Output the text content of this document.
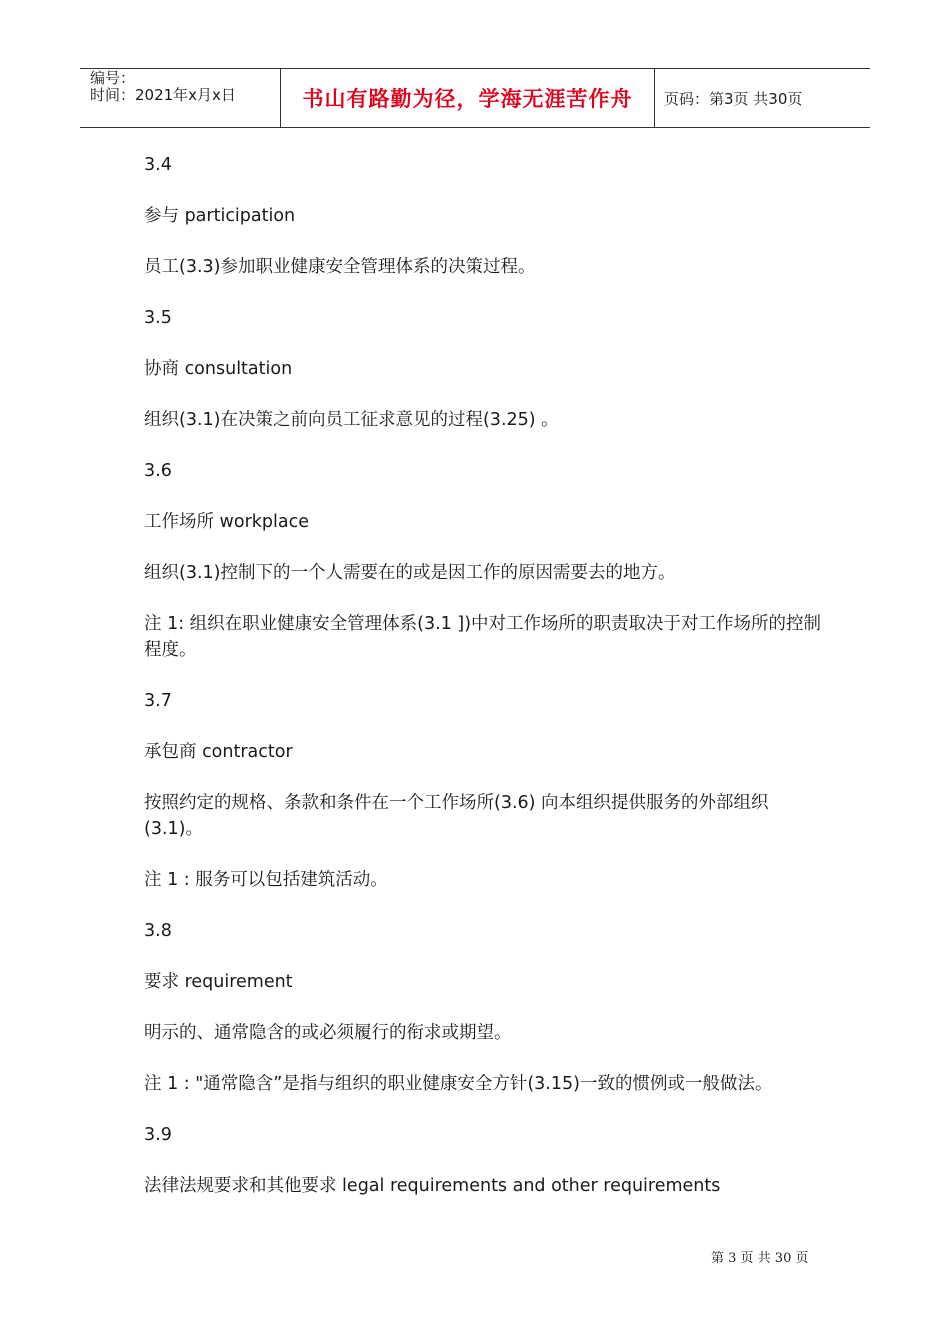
编号：
时间：2021年x月x日	书山有路勤为径，学海无涯苦作舟	页码：第3页 共30页

3.4

参与 participation

员工(3.3)参加职业健康安全管理体系的决策过程。

3.5

协商 consultation

组织(3.1)在决策之前向员工征求意见的过程(3.25) 。

3.6

工作场所 workplace

组织(3.1)控制下的一个人需要在的或是因工作的原因需要去的地方。

注 1: 组织在职业健康安全管理体系(3.1 ])中对工作场所的职责取决于对工作场所的控制程度。

3.7

承包商 contractor

按照约定的规格、条款和条件在一个工作场所(3.6) 向本组织提供服务的外部组织(3.1)。

注 1 : 服务可以包括建筑活动。

3.8

要求 requirement

明示的、通常隐含的或必须履行的衔求或期望。

注 1 : "通常隐含”是指与组织的职业健康安全方针(3.15)一致的惯例或一般做法。

3.9

法律法规要求和其他要求 legal requirements and other requirements

第 3 页 共 30 页
